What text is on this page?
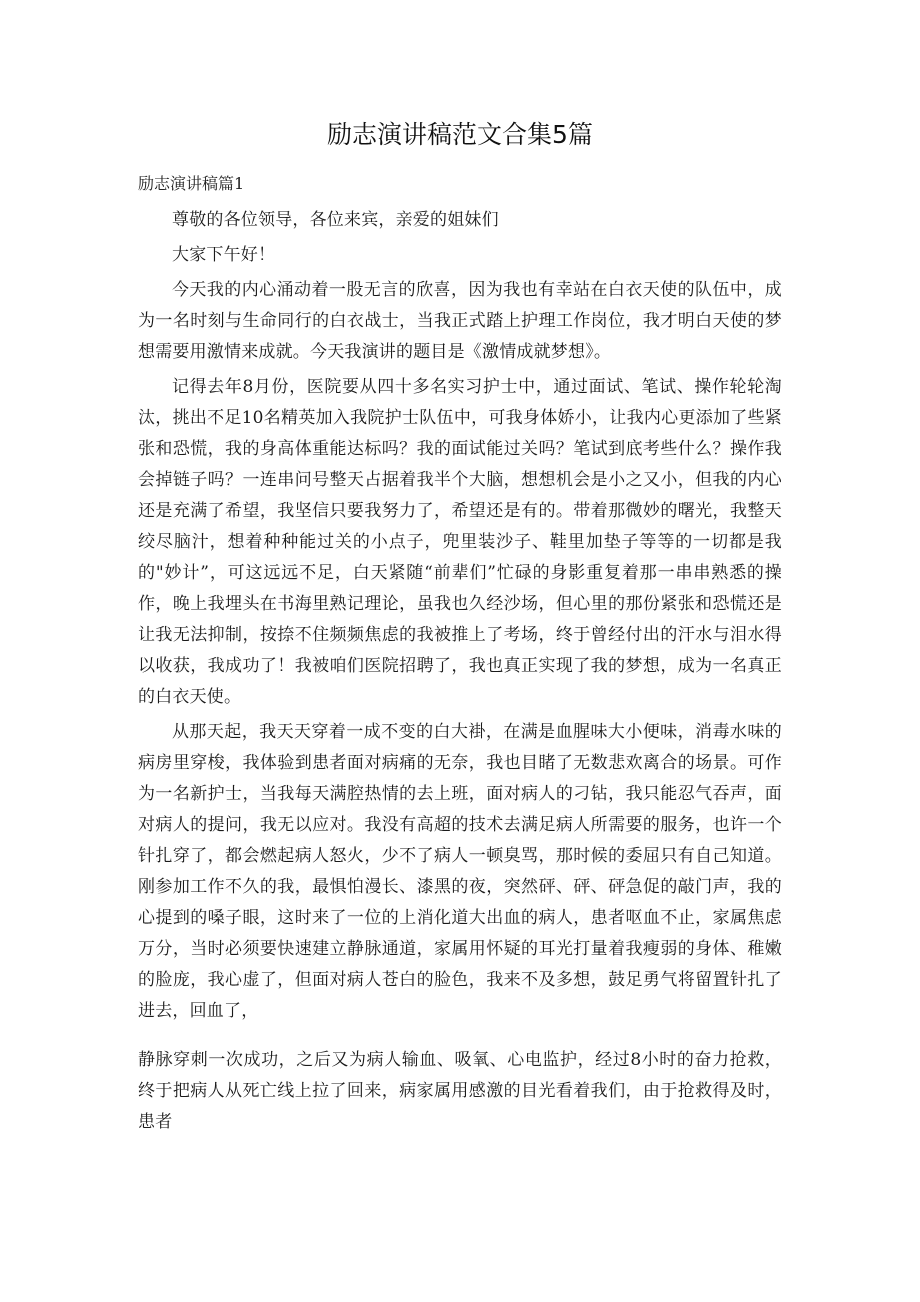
励志演讲稿范文合集5篇

励志演讲稿篇1

尊敬的各位领导，各位来宾，亲爱的姐妹们

大家下午好！

今天我的内心涌动着一股无言的欣喜，因为我也有幸站在白衣天使的队伍中，成为一名时刻与生命同行的白衣战士，当我正式踏上护理工作岗位，我才明白天使的梦想需要用激情来成就。今天我演讲的题目是《激情成就梦想》。

记得去年8月份，医院要从四十多名实习护士中，通过面试、笔试、操作轮轮淘汰，挑出不足10名精英加入我院护士队伍中，可我身体娇小，让我内心更添加了些紧张和恐慌，我的身高体重能达标吗？我的面试能过关吗？笔试到底考些什么？操作我会掉链子吗？一连串问号整天占据着我半个大脑，想想机会是小之又小，但我的内心还是充满了希望，我坚信只要我努力了，希望还是有的。带着那微妙的曙光，我整天绞尽脑汁，想着种种能过关的小点子，兜里装沙子、鞋里加垫子等等的一切都是我的"妙计”，可这远远不足，白天紧随“前辈们”忙碌的身影重复着那一串串熟悉的操作，晚上我埋头在书海里熟记理论，虽我也久经沙场，但心里的那份紧张和恐慌还是让我无法抑制，按捺不住频频焦虑的我被推上了考场，终于曾经付出的汗水与泪水得以收获，我成功了！我被咱们医院招聘了，我也真正实现了我的梦想，成为一名真正的白衣天使。

从那天起，我天天穿着一成不变的白大褂，在满是血腥味大小便味，消毒水味的病房里穿梭，我体验到患者面对病痛的无奈，我也目睹了无数悲欢离合的场景。可作为一名新护士，当我每天满腔热情的去上班，面对病人的刁钻，我只能忍气吞声，面对病人的提问，我无以应对。我没有高超的技术去满足病人所需要的服务，也许一个针扎穿了，都会燃起病人怒火，少不了病人一顿臭骂，那时候的委屈只有自己知道。刚参加工作不久的我，最惧怕漫长、漆黑的夜，突然砰、砰、砰急促的敲门声，我的心提到的嗓子眼，这时来了一位的上消化道大出血的病人，患者呕血不止，家属焦虑万分，当时必须要快速建立静脉通道，家属用怀疑的耳光打量着我瘦弱的身体、稚嫩的脸庞，我心虚了，但面对病人苍白的脸色，我来不及多想，鼓足勇气将留置针扎了进去，回血了，

静脉穿刺一次成功，之后又为病人输血、吸氧、心电监护，经过8小时的奋力抢救，终于把病人从死亡线上拉了回来，病家属用感激的目光看着我们，由于抢救得及时，患者
